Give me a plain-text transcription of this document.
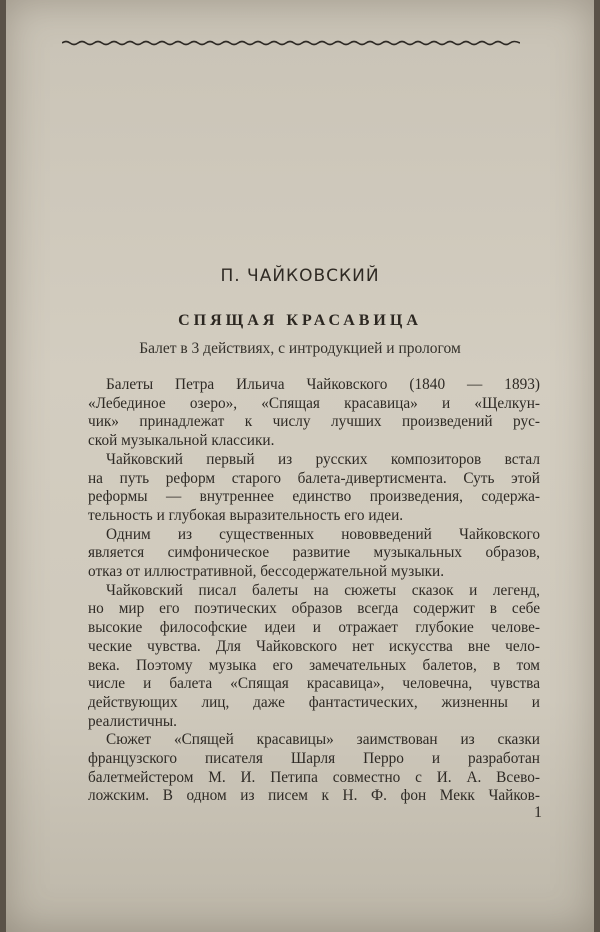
П. ЧАЙКОВСКИЙ
СПЯЩАЯ КРАСАВИЦА
Балет в 3 действиях, с интродукцией и прологом
Балеты Петра Ильича Чайковского (1840 — 1893)
«Лебединое озеро», «Спящая красавица» и «Щелкун-
чик» принадлежат к числу лучших произведений рус-
ской музыкальной классики.
Чайковский первый из русских композиторов встал
на путь реформ старого балета-дивертисмента. Суть этой
реформы — внутреннее единство произведения, содержа-
тельность и глубокая выразительность его идеи.
Одним из существенных нововведений Чайковского
является симфоническое развитие музыкальных образов,
отказ от иллюстративной, бессодержательной музыки.
Чайковский писал балеты на сюжеты сказок и легенд,
но мир его поэтических образов всегда содержит в себе
высокие философские идеи и отражает глубокие челове-
ческие чувства. Для Чайковского нет искусства вне чело-
века. Поэтому музыка его замечательных балетов, в том
числе и балета «Спящая красавица», человечна, чувства
действующих лиц, даже фантастических, жизненны и
реалистичны.
Сюжет «Спящей красавицы» заимствован из сказки
французского писателя Шарля Перро и разработан
балетмейстером М. И. Петипа совместно с И. А. Всево-
ложским. В одном из писем к Н. Ф. фон Мекк Чайков-
1
